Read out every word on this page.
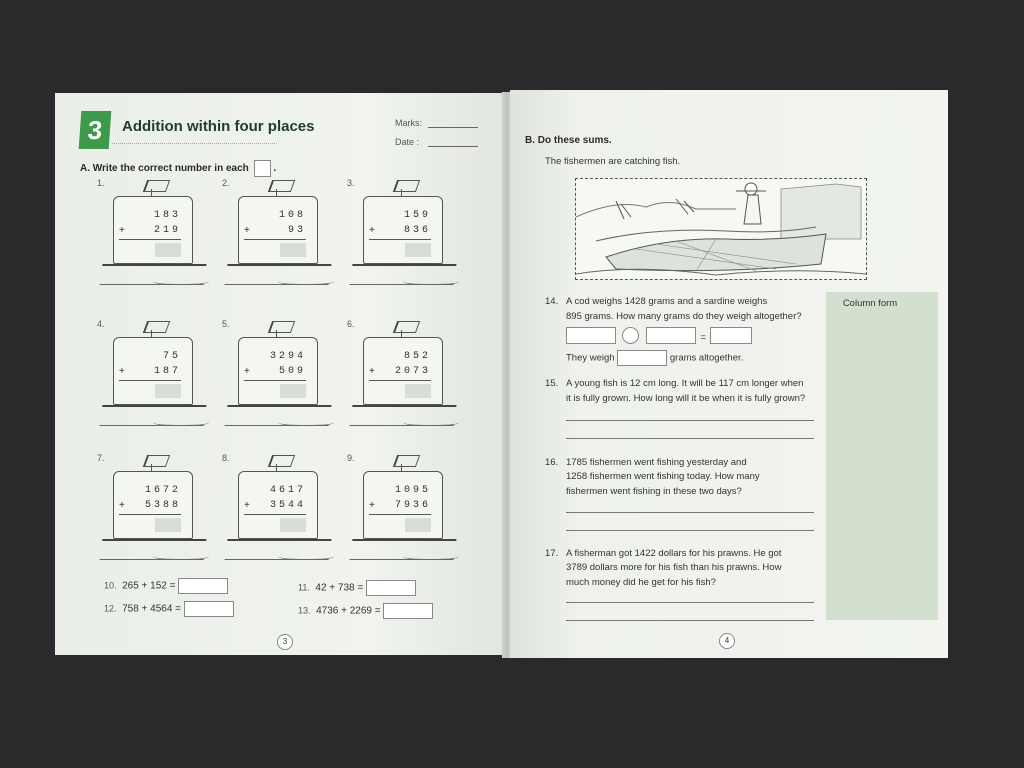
3	Addition within four places	Marks:
Date :
A. Write the correct number in each .
1.
183
+	219
2.
108
+	93
3.
159
+	836
4.
75
+	187
5.
3294
+	509
6.
852
+	2073
7.
1672
+	5388
8.
4617
+	3544
9.
1095
+	7936
10. 265 + 152 =	11. 42 + 738 =
12. 758 + 4564 =	13. 4736 + 2269 =
3
B. Do these sums.
The fishermen are catching fish.
Column form
14. A cod weighs 1428 grams and a sardine weighs
895 grams. How many grams do they weigh altogether?
=
They weigh	grams altogether.
15. A young fish is 12 cm long. It will be 117 cm longer when
it is fully grown. How long will it be when it is fully grown?
16. 1785 fishermen went fishing yesterday and
1258 fishermen went fishing today. How many
fishermen went fishing in these two days?
17. A fisherman got 1422 dollars for his prawns. He got
3789 dollars more for his fish than his prawns. How
much money did he get for his fish?
4
